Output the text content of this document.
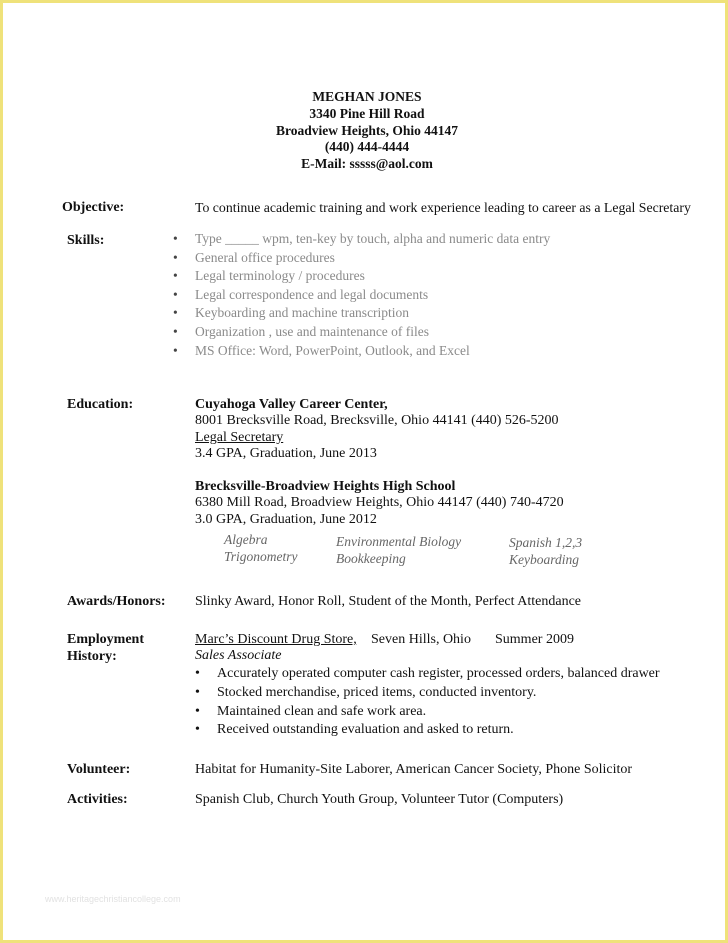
MEGHAN JONES
3340 Pine Hill Road
Broadview Heights, Ohio 44147
(440) 444-4444
E-Mail: sssss@aol.com
Objective:	To continue academic training and work experience leading to career as a Legal Secretary
Skills:
•	Type _____ wpm, ten-key by touch, alpha and numeric data entry
• General office procedures
• Legal terminology / procedures
• Legal correspondence and legal documents
• Keyboarding and machine transcription
• Organization , use and maintenance of files
• MS Office: Word, PowerPoint, Outlook, and Excel
Education:	Cuyahoga Valley Career Center,
8001 Brecksville Road, Brecksville, Ohio 44141 (440) 526-5200
Legal Secretary
3.4 GPA, Graduation, June 2013
Brecksville-Broadview Heights High School
6380 Mill Road, Broadview Heights, Ohio 44147 (440) 740-4720
3.0 GPA, Graduation, June 2012
Algebra
Trigonometry
Environmental Biology
Bookkeeping
Spanish 1,2,3
Keyboarding
Awards/Honors: Slinky Award, Honor Roll, Student of the Month, Perfect Attendance
Employment
History:
Marc’s Discount Drug Store, Seven Hills, Ohio Summer 2009
Sales Associate
• Accurately operated computer cash register, processed orders, balanced drawer
• Stocked merchandise, priced items, conducted inventory.
• Maintained clean and safe work area.
• Received outstanding evaluation and asked to return.
Volunteer:	Habitat for Humanity-Site Laborer, American Cancer Society, Phone Solicitor
Activities:	Spanish Club, Church Youth Group, Volunteer Tutor (Computers)
www.heritagechristiancollege.com
